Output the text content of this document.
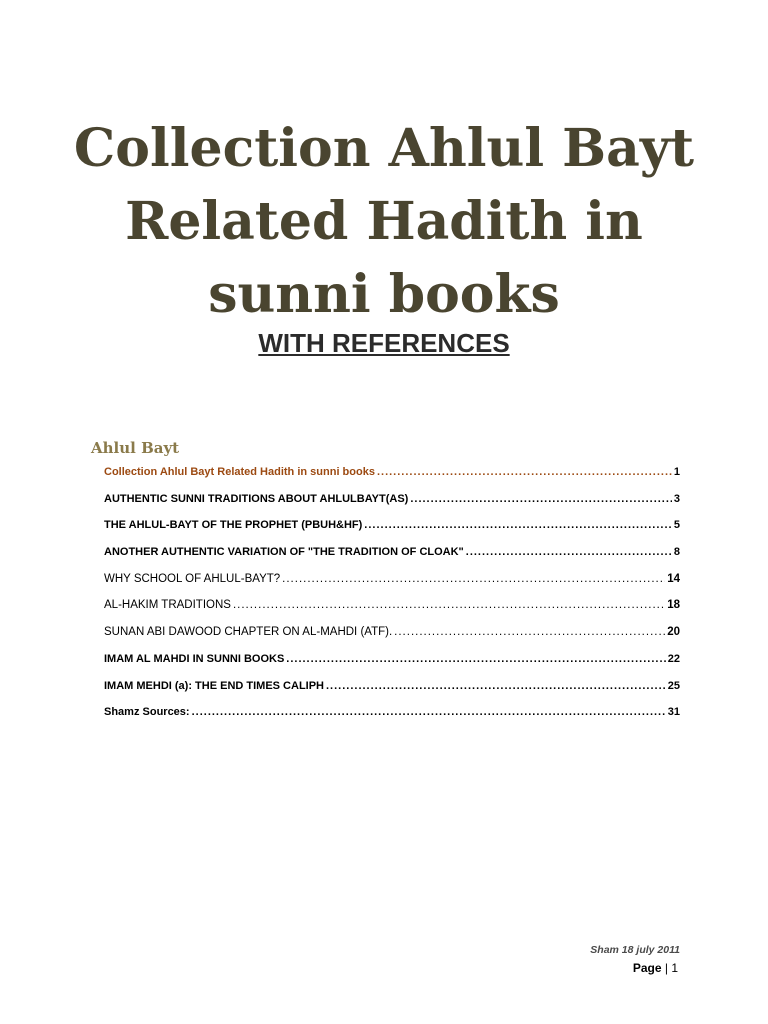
Collection Ahlul Bayt
Related Hadith in
sunni books
WITH REFERENCES
Ahlul Bayt
Collection Ahlul Bayt Related Hadith in sunni books .....	1
AUTHENTIC SUNNI TRADITIONS ABOUT AHLULBAYT(AS) .....	3
THE AHLUL-BAYT OF THE PROPHET (PBUH&HF) .....	5
ANOTHER AUTHENTIC VARIATION OF "THE TRADITION OF CLOAK" .....	8
WHY SCHOOL OF AHLUL-BAYT? .....	14
AL-HAKIM TRADITIONS .....	18
SUNAN ABI DAWOOD CHAPTER ON AL-MAHDI (ATF). .....	20
IMAM AL MAHDI IN SUNNI BOOKS .....	22
IMAM MEHDI (a): THE END TIMES CALIPH .....	25
Shamz Sources: .....	31
Sham 18 july 2011
Page | 1
